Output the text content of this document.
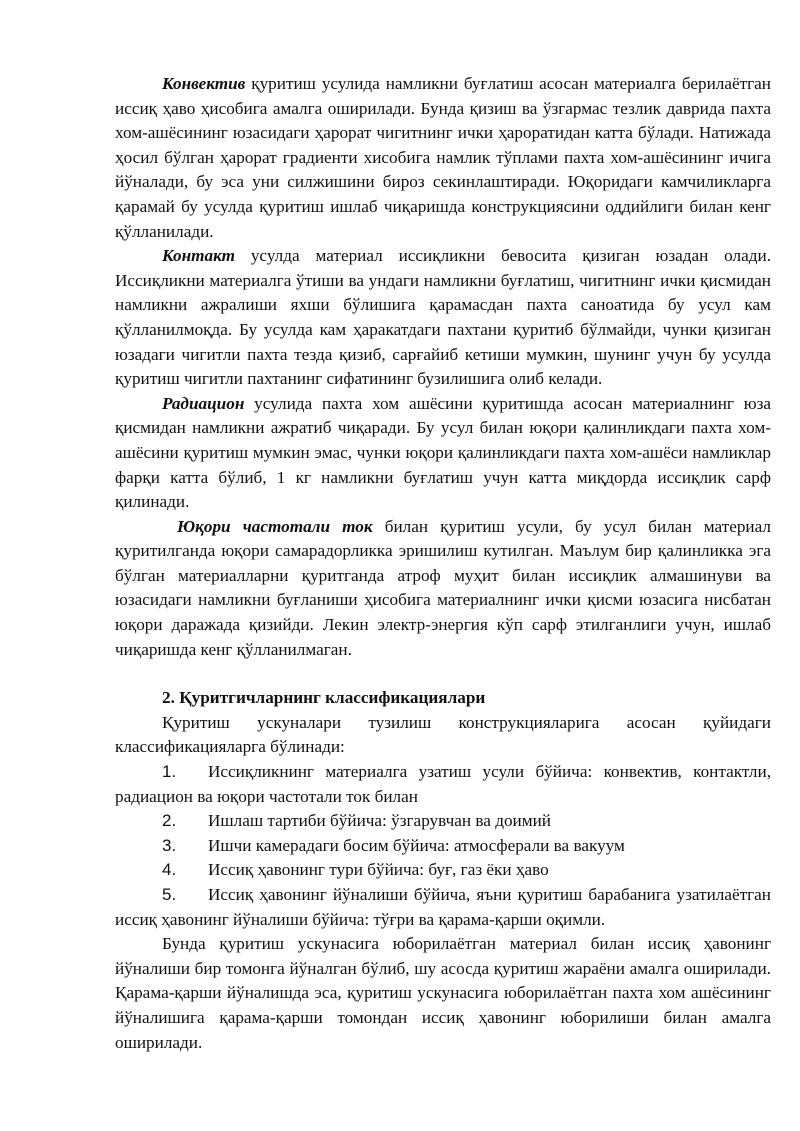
Конвектив қуритиш усулида намликни буғлатиш асосан материалга берилаётган иссиқ ҳаво ҳисобига амалга оширилади. Бунда қизиш ва ўзгармас тезлик даврида пахта хом-ашёсининг юзасидаги ҳарорат чигитнинг ички ҳароратидан катта бўлади. Натижада ҳосил бўлган ҳарорат градиенти хисобига намлик тўплами пахта хом-ашёсининг ичига йўналади, бу эса уни силжишини бироз секинлаштиради. Юқоридаги камчиликларга қарамай бу усулда қуритиш ишлаб чиқаришда конструкциясини оддийлиги билан кенг қўлланилади.

Контакт усулда материал иссиқликни бевосита қизиган юзадан олади. Иссиқликни материалга ўтиши ва ундаги намликни буғлатиш, чигитнинг ички қисмидан намликни ажралиши яхши бўлишига қарамасдан пахта саноатида бу усул кам қўлланилмоқда. Бу усулда кам ҳаракатдаги пахтани қуритиб бўлмайди, чунки қизиган юзадаги чигитли пахта тезда қизиб, сарғайиб кетиши мумкин, шунинг учун бу усулда қуритиш чигитли пахтанинг сифатининг бузилишига олиб келади.

Радиацион усулида пахта хом ашёсини қуритишда асосан материалнинг юза қисмидан намликни ажратиб чиқаради. Бу усул билан юқори қалинликдаги пахта хом-ашёсини қуритиш мумкин эмас, чунки юқори қалинликдаги пахта хом-ашёси намликлар фарқи катта бўлиб, 1 кг намликни буғлатиш учун катта миқдорда иссиқлик сарф қилинади.

Юқори частотали ток билан қуритиш усули, бу усул билан материал қуритилганда юқори самарадорликка эришилиш кутилган. Маълум бир қалинликка эга бўлган материалларни қуритганда атроф муҳит билан иссиқлик алмашинуви ва юзасидаги намликни буғланиши ҳисобига материалнинг ички қисми юзасига нисбатан юқори даражада қизийди. Лекин электр-энергия кўп сарф этилганлиги учун, ишлаб чиқаришда кенг қўлланилмаган.

2. Қуритгичларнинг классификациялари

Қуритиш ускуналари тузилиш конструкцияларига асосан қуйидаги классификацияларга бўлинади:

1. Иссиқликнинг материалга узатиш усули бўйича: конвектив, контактли, радиацион ва юқори частотали ток билан

2. Ишлаш тартиби бўйича: ўзгарувчан ва доимий

3. Ишчи камерадаги босим бўйича: атмосферали ва вакуум

4. Иссиқ ҳавонинг тури бўйича: буғ, газ ёки ҳаво

5. Иссиқ ҳавонинг йўналиши бўйича, яъни қуритиш барабанига узатилаётган иссиқ ҳавонинг йўналиши бўйича: тўғри ва қарама-қарши оқимли.

Бунда қуритиш ускунасига юборилаётган материал билан иссиқ ҳавонинг йўналиши бир томонга йўналган бўлиб, шу асосда қуритиш жараёни амалга оширилади. Қарама-қарши йўналишда эса, қуритиш ускунасига юборилаётган пахта хом ашёсининг йўналишига қарама-қарши томондан иссиқ ҳавонинг юборилиши билан амалга оширилади.
